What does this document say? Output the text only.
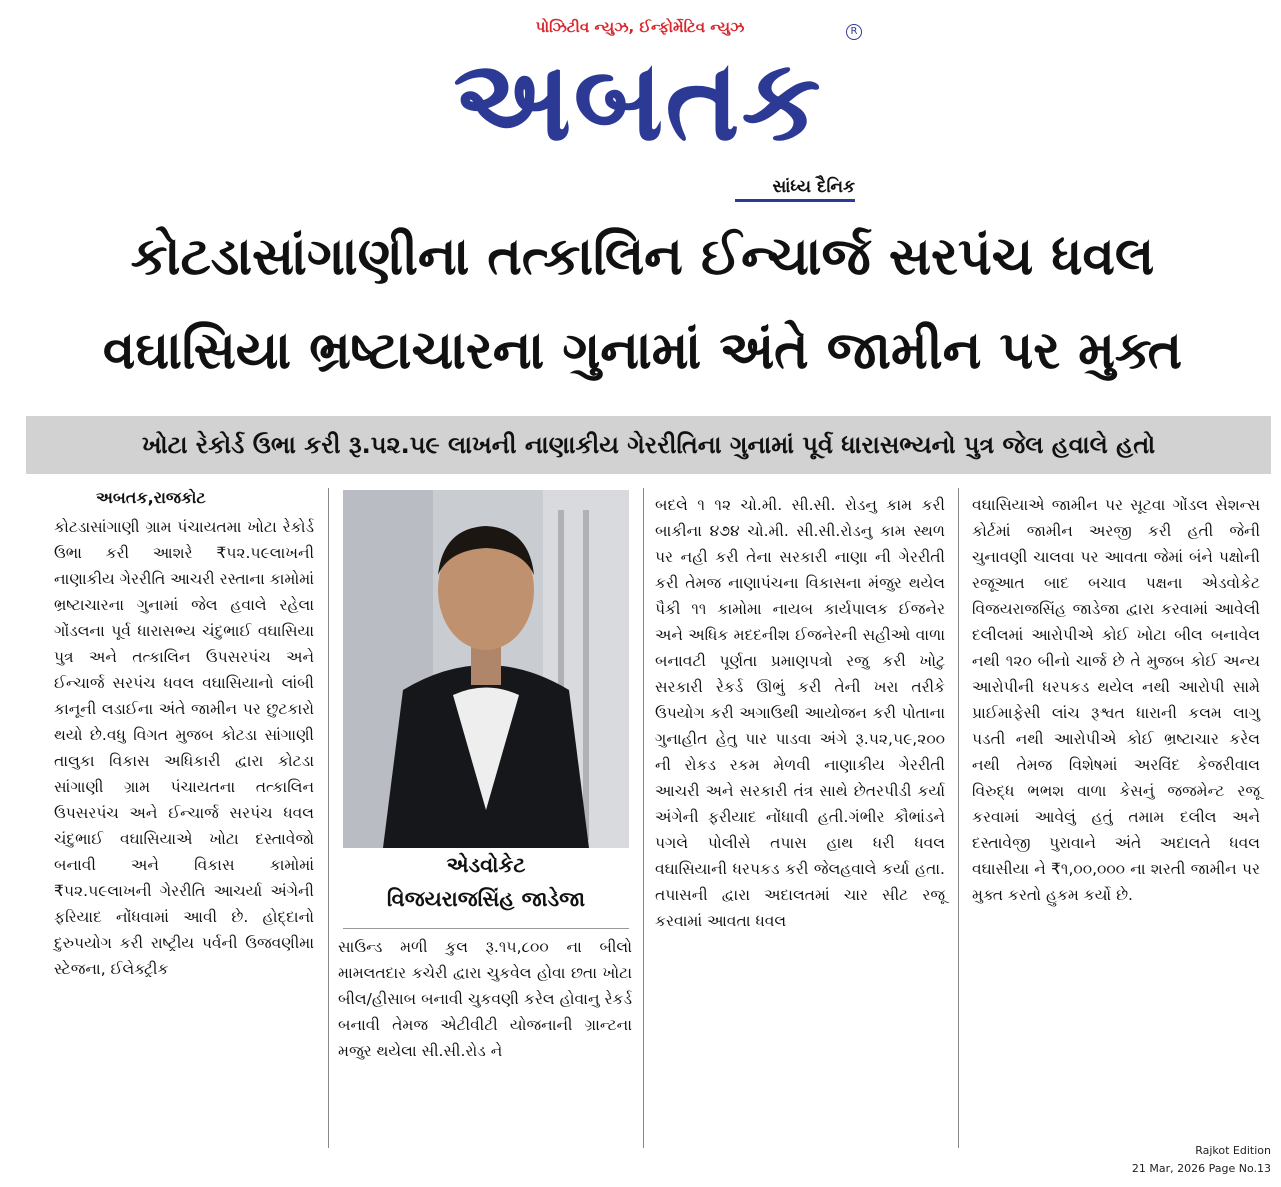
પોઝિટીવ ન્યુઝ, ઈન્ફોર્મેટિવ ન્યુઝ
અબતક
R
સાંધ્ય દૈનિક
કોટડાસાંગાણીના તત્કાલિન ઈન્ચાર્જ સરપંચ ધવલ
વઘાસિયા ભ્રષ્ટાચારના ગુનામાં અંતે જામીન પર મુક્ત
ખોટા રેકોર્ડ ઉભા કરી રૂ.૫૨.૫૯ લાખની નાણાકીય ગેરરીતિના ગુનામાં પૂર્વ ધારાસભ્યનો પુત્ર જેલ હવાલે હતો
અબતક,રાજકોટ

કોટડાસાંગાણી ગ્રામ પંચાયતમા ખોટા રેકોર્ડ ઉભા કરી આશરે ₹૫૨.૫૯લાખની નાણાકીય ગેરરીતિ આચરી રસ્તાના કામોમાં ભ્રષ્ટાચારના ગુનામાં જેલ હવાલે રહેલા ગોંડલના પૂર્વ ધારાસભ્ય ચંદુભાઈ વઘાસિયા પુત્ર અને તત્કાલિન ઉપસરપંચ અને ઈન્ચાર્જ સરપંચ ધવલ વઘાસિયાનો લાંબી કાનૂની લડાઈના અંતે જામીન પર છુટકારો થયો છે.વધુ વિગત મુજબ કોટડા સાંગાણી તાલુકા વિકાસ અધિકારી દ્વારા કોટડા સાંગાણી ગ્રામ પંચાયતના તત્કાલિન ઉપસરપંચ અને ઈન્ચાર્જ સરપંચ ધવલ ચંદુભાઈ વઘાસિયાએ ખોટા દસ્તાવેજો બનાવી અને વિકાસ કામોમાં ₹૫૨.૫૯લાખની ગેરરીતિ આચર્યા અંગેની ફરિયાદ નોંધવામાં આવી છે. હોદ્દાનો દુરુપયોગ કરી રાષ્ટ્રીય પર્વની ઉજવણીમા સ્ટેજના, ઈલેક્ટ્રીક

એડવોકેટ
વિજયરાજસિંહ જાડેજા

સાઉન્ડ મળી કુલ રૂ.૧૫,૮૦૦ ના બીલો મામલતદાર કચેરી દ્વારા ચુકવેલ હોવા છતા ખોટા બીલ/હીસાબ બનાવી ચુકવણી કરેલ હોવાનુ રેકર્ડ બનાવી તેમજ એટીવીટી યોજનાની ગ્રાન્ટના મજુર થયેલા સી.સી.રોડ ને

બદલે ૧ ૧૨ ચો.મી. સી.સી. રોડનુ કામ કરી બાકીના ૪૭૪ ચો.મી. સી.સી.રોડનુ કામ સ્થળ પર નહી કરી તેના સરકારી નાણા ની ગેરરીતી કરી તેમજ નાણાપંચના વિકાસના મંજુર થયેલ પૈકી ૧૧ કામોમા નાયબ કાર્યપાલક ઈજનેર અને અધિક મદદનીશ ઈજનેરની સહીઓ વાળા બનાવટી પૂર્ણતા પ્રમાણપત્રો રજુ કરી ખોટુ સરકારી રેકર્ડ ઊભું કરી તેની ખરા તરીકે ઉપયોગ કરી અગાઉથી આયોજન કરી પોતાના ગુનાહીત હેતુ પાર પાડવા અંગે રૂ.૫૨,૫૯,૨૦૦ ની રોકડ રકમ મેળવી નાણાકીય ગેરરીતી આચરી અને સરકારી તંત્ર સાથે છેતરપીડી કર્યા અંગેની ફરીયાદ નોંધાવી હતી.ગંભીર કૌભાંડને પગલે પોલીસે તપાસ હાથ ધરી ધવલ વઘાસિયાની ધરપકડ કરી જેલહવાલે કર્યા હતા. તપાસની દ્વારા અદાલતમાં ચાર સીટ રજૂ કરવામાં આવતા ધવલ

વઘાસિયાએ જામીન પર સૂટવા ગોંડલ સેશન્સ કોર્ટમાં જામીન અરજી કરી હતી જેની ચુનાવણી ચાલવા પર આવતા જેમાં બંને પક્ષોની રજૂઆત બાદ બચાવ પક્ષના એડવોકેટ વિજયરાજસિંહ જાડેજા દ્વારા કરવામાં આવેલી દલીલમાં આરોપીએ કોઈ ખોટા બીલ બનાવેલ નથી ૧૨૦ બીનો ચાર્જ છે તે મુજબ કોઈ અન્ય આરોપીની ધરપકડ થયેલ નથી આરોપી સામે પ્રાઈમાફેસી લાંચ રૂશ્વત ધારાની કલમ લાગુ પડતી નથી આરોપીએ કોઈ ભ્રષ્ટાચાર કરેલ નથી તેમજ વિશેષમાં અરવિંદ કેજરીવાલ વિરુદ્ધ ભભશ વાળા કેસનું જજમેન્ટ રજૂ કરવામાં આવેલું હતું તમામ દલીલ અને દસ્તાવેજી પુરાવાને અંતે અદાલતે ધવલ વઘાસીયા ને ₹૧,૦૦,૦૦૦ ના શરતી જામીન પર મુક્ત કરતો હુકમ કર્યો છે.

Rajkot Edition
21 Mar, 2026 Page No.13
